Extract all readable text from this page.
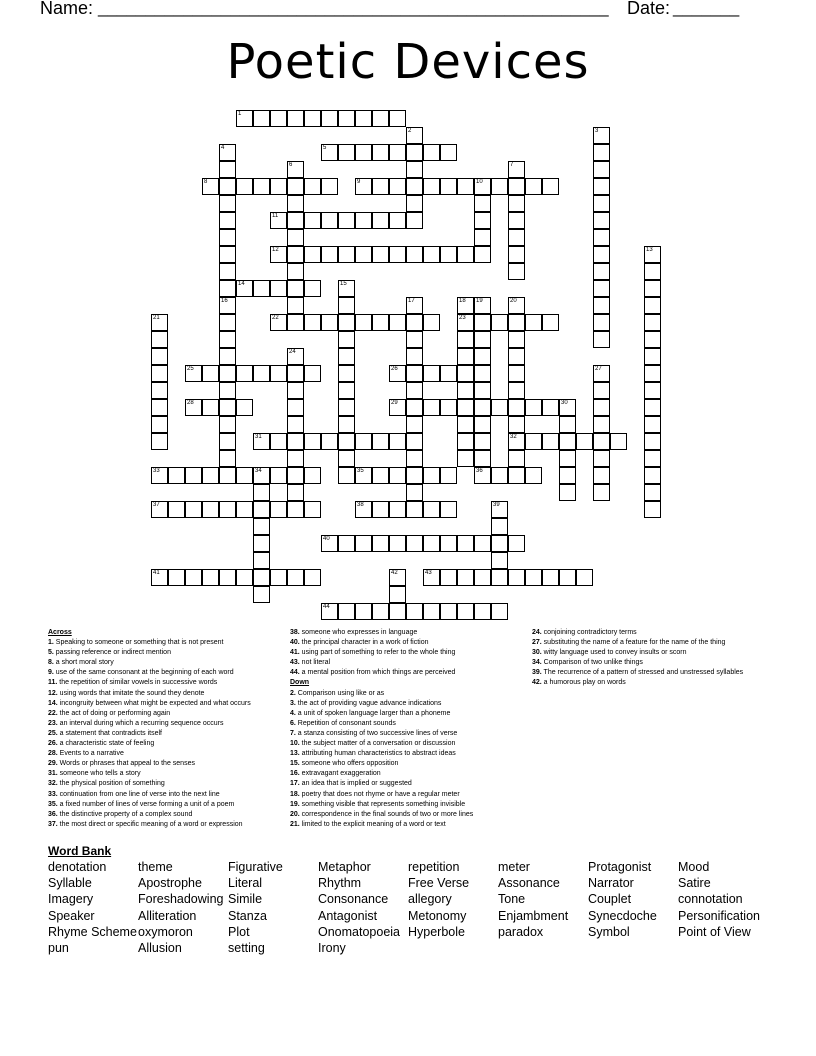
Name: ______________________________________________________ Date:
_______
Poetic Devices
1
5
8	9	10
11
12
14
22	23
25	26
28	29	30
31	32
33	34	35	36
37	38
40
41	43
44
2	3
4
6	7
13
15
16	17	18 19	20
21
24
27
39
42
Across
1. Speaking to someone or something that is not present
5. passing reference or indirect mention
8. a short moral story
9. use of the same consonant at the beginning of each word
11. the repetition of similar vowels in successive words
12. using words that imitate the sound they denote
14. incongruity between what might be expected and what occurs
22. the act of doing or performing again
23. an interval during which a recurring sequence occurs
25. a statement that contradicts itself
26. a characteristic state of feeling
28. Events to a narrative
29. Words or phrases that appeal to the senses
31. someone who tells a story
32. the physical position of something
33. continuation from one line of verse into the next line
35. a fixed number of lines of verse forming a unit of a poem
36. the distinctive property of a complex sound
37. the most direct or specific meaning of a word or expression
38. someone who expresses in language
40. the principal character in a work of fiction
41. using part of something to refer to the whole thing
43. not literal
44. a mental position from which things are perceived
Down
2. Comparison using like or as
3. the act of providing vague advance indications
4. a unit of spoken language larger than a phoneme
6. Repetition of consonant sounds
7. a stanza consisting of two successive lines of verse
10. the subject matter of a conversation or discussion
13. attributing human characteristics to abstract ideas
15. someone who offers opposition
16. extravagant exaggeration
17. an idea that is implied or suggested
18. poetry that does not rhyme or have a regular meter
19. something visible that represents something invisible
20. correspondence in the final sounds of two or more lines
21. limited to the explicit meaning of a word or text
24. conjoining contradictory terms
27. substituting the name of a feature for the name of the thing
30. witty language used to convey insults or scorn
34. Comparison of two unlike things
39. The recurrence of a pattern of stressed and unstressed syllables
42. a humorous play on words
Word Bank
denotation
Syllable
Imagery
Speaker
Rhyme Scheme
pun
theme
Apostrophe
Foreshadowing
Alliteration
oxymoron
Allusion
Figurative
Literal
Simile
Stanza
Plot
setting
Metaphor
Rhythm
Consonance
Antagonist
Onomatopoeia
Irony
repetition
Free Verse
allegory
Metonomy
Hyperbole
meter
Assonance
Tone
Enjambment
paradox
Protagonist
Narrator
Couplet
Synecdoche
Symbol
Mood
Satire
connotation
Personification
Point of View
